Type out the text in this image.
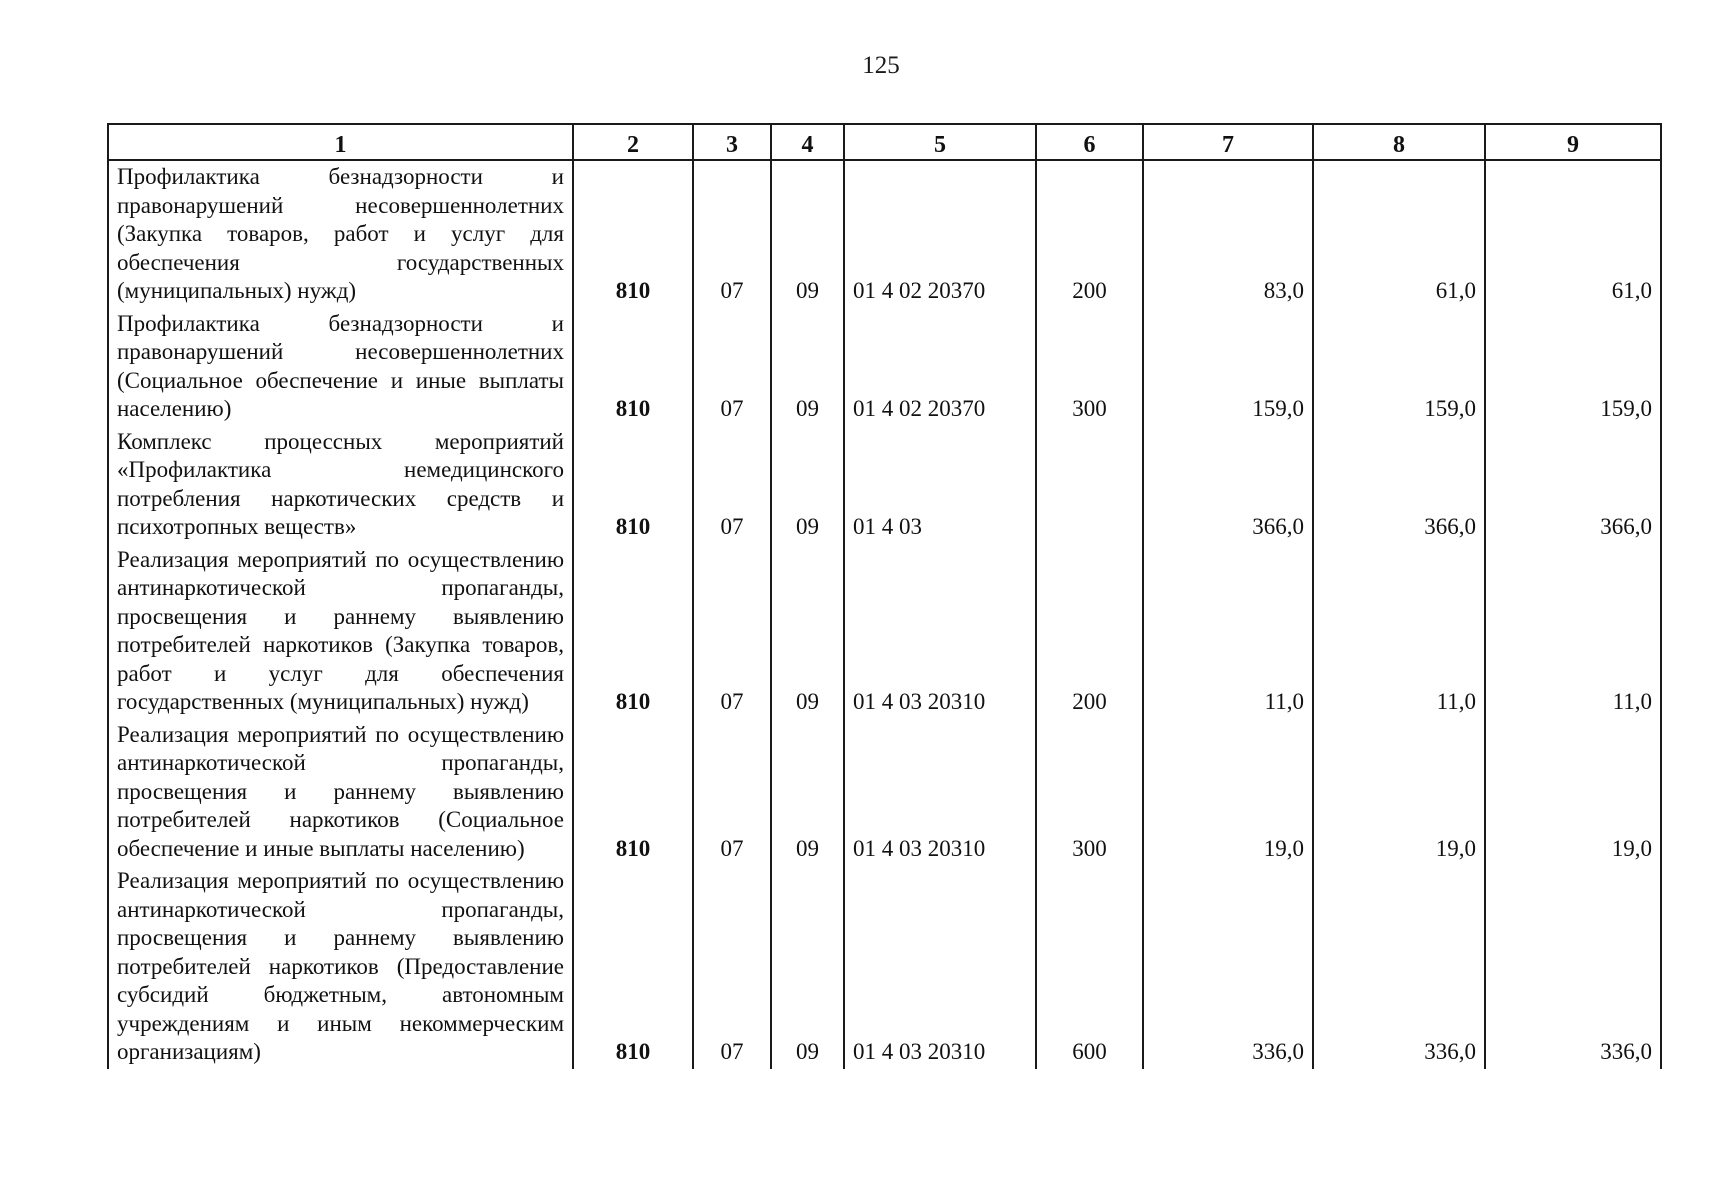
125
1	2	3	4	5	6	7	8	9
Профилактика безнадзорности и правонарушений несовершеннолетних (Закупка товаров, работ и услуг для обеспечения государственных (муниципальных) нужд)	810	07	09	01 4 02 20370	200	83,0	61,0	61,0
Профилактика безнадзорности и правонарушений несовершеннолетних (Социальное обеспечение и иные выплаты населению)	810	07	09	01 4 02 20370	300	159,0	159,0	159,0
Комплекс процессных мероприятий «Профилактика немедицинского потребления наркотических средств и психотропных веществ»	810	07	09	01 4 03		366,0	366,0	366,0
Реализация мероприятий по осуществлению антинаркотической пропаганды, просвещения и раннему выявлению потребителей наркотиков (Закупка товаров, работ и услуг для обеспечения государственных (муниципальных) нужд)	810	07	09	01 4 03 20310	200	11,0	11,0	11,0
Реализация мероприятий по осуществлению антинаркотической пропаганды, просвещения и раннему выявлению потребителей наркотиков (Социальное обеспечение и иные выплаты населению)	810	07	09	01 4 03 20310	300	19,0	19,0	19,0
Реализация мероприятий по осуществлению антинаркотической пропаганды, просвещения и раннему выявлению потребителей наркотиков (Предоставление субсидий бюджетным, автономным учреждениям и иным некоммерческим организациям)	810	07	09	01 4 03 20310	600	336,0	336,0	336,0
